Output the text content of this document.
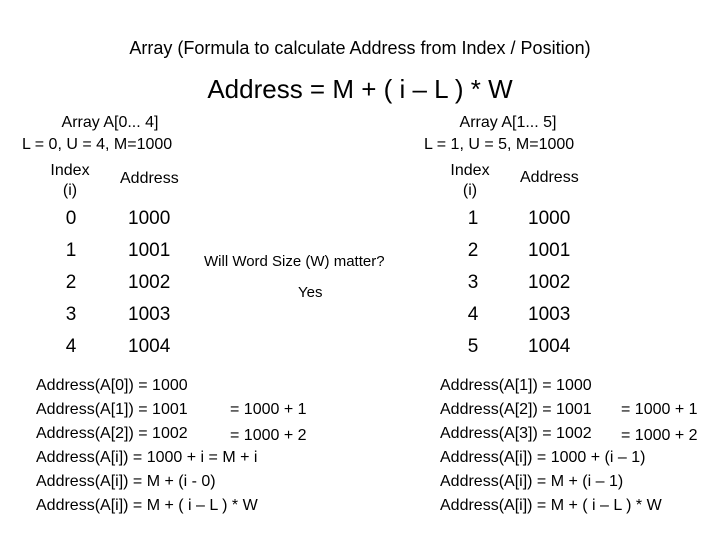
Array (Formula to calculate Address from Index / Position)
Address = M + ( i – L ) * W
Array A[0... 4]
L = 0, U = 4, M=1000
Index
(i)
Address
0	1000
1	1001
2	1002
3	1003
4	1004
Will Word Size (W) matter?
Yes
Array A[1... 5]
L = 1, U = 5, M=1000
Index
(i)
Address
1	1000
2	1001
3	1002
4	1003
5	1004
Address(A[0]) = 1000
Address(A[1]) = 1001	= 1000 + 1
Address(A[2]) = 1002	= 1000 + 2
Address(A[i]) = 1000 + i = M + i
Address(A[i]) = M + (i - 0)
Address(A[i]) = M + ( i – L ) * W
Address(A[1]) = 1000
Address(A[2]) = 1001 = 1000 + 1
Address(A[3]) = 1002 = 1000 + 2
Address(A[i]) = 1000 + (i – 1)
Address(A[i]) = M + (i – 1)
Address(A[i]) = M + ( i – L ) * W
